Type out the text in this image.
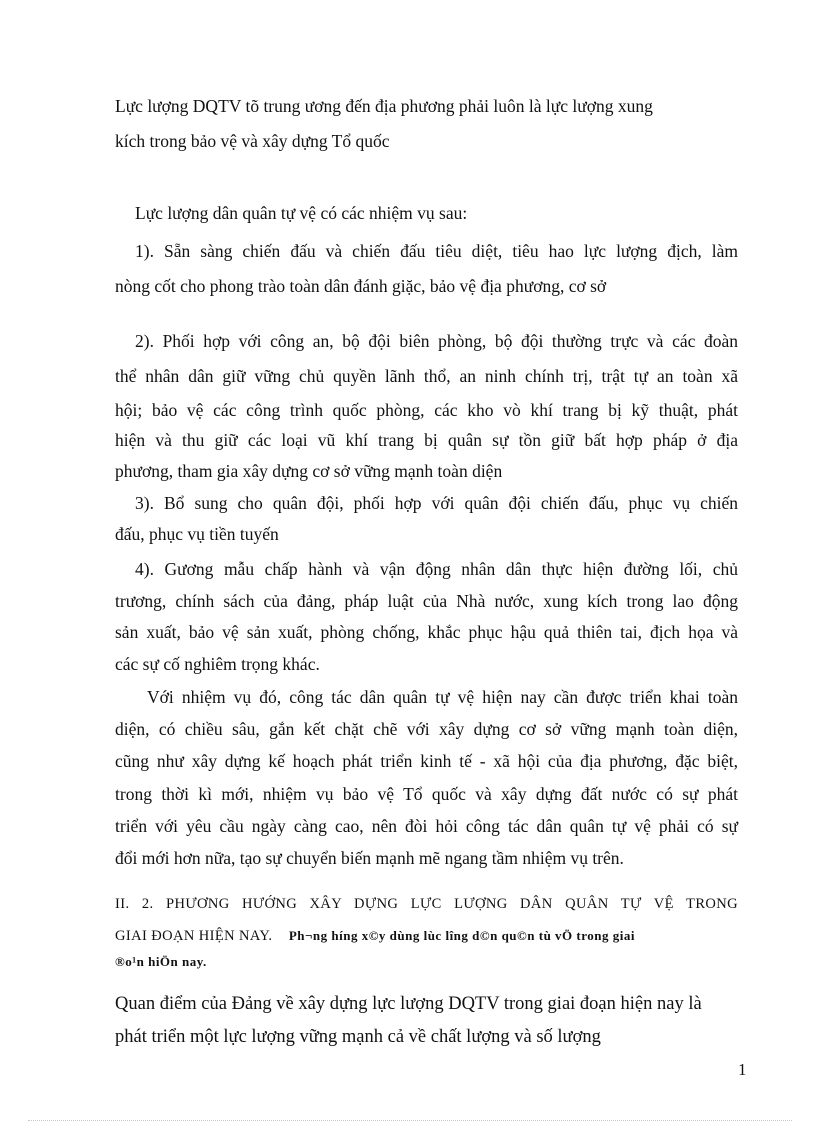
Lực lượng DQTV tõ trung ương đến địa phương phải luôn là lực lượng xung
kích trong bảo vệ và xây dựng Tổ quốc
Lực lượng dân quân tự vệ có các nhiệm vụ sau:
1). Sẵn sàng chiến đấu và chiến đấu tiêu diệt, tiêu hao lực lượng địch, làm
nòng cốt cho phong trào toàn dân đánh giặc, bảo vệ địa phương, cơ sở
2). Phối hợp với công an, bộ đội biên phòng, bộ đội thường trực và các đoàn
thể nhân dân giữ vững chủ quyền lãnh thổ, an ninh chính trị, trật tự an toàn xã
hội; bảo vệ các công trình quốc phòng, các kho vò khí trang bị kỹ thuật, phát
hiện và thu giữ các loại vũ khí trang bị quân sự tồn giữ bất hợp pháp ở địa
phương, tham gia xây dựng cơ sở vững mạnh toàn diện
3). Bổ sung cho quân đội, phối hợp với quân đội chiến đấu, phục vụ chiến
đấu, phục vụ tiền tuyến
4). Gương mẫu chấp hành và vận động nhân dân thực hiện đường lối, chủ
trương, chính sách của đảng, pháp luật của Nhà nước, xung kích trong lao động
sản xuất, bảo vệ sản xuất, phòng chống, khắc phục hậu quả thiên tai, địch họa và
các sự cố nghiêm trọng khác.
Với nhiệm vụ đó, công tác dân quân tự vệ hiện nay cần được triển khai toàn
diện, có chiều sâu, gắn kết chặt chẽ với xây dựng cơ sở vững mạnh toàn diện,
cũng như xây dựng kế hoạch phát triển kinh tế - xã hội của địa phương, đặc biệt,
trong thời kì mới, nhiệm vụ bảo vệ Tổ quốc và xây dựng đất nước có sự phát
triển với yêu cầu ngày càng cao, nên đòi hỏi công tác dân quân tự vệ phải có sự
đổi mới hơn nữa, tạo sự chuyển biến mạnh mẽ ngang tầm nhiệm vụ trên.
II. 2. PHƯƠNG HƯỚNG XÂY DỰNG LỰC LƯỢNG DÂN QUÂN TỰ VỆ TRONG
GIAI ĐOẠN HIỆN NAY. Ph¬ng híng x©y dùng lùc lîng d©n qu©n tù vÖ trong giai
®o¹n hiÖn nay.
Quan điểm của Đảng về xây dựng lực lượng DQTV trong giai đoạn hiện nay là
phát triển một lực lượng vững mạnh cả về chất lượng và số lượng
1
